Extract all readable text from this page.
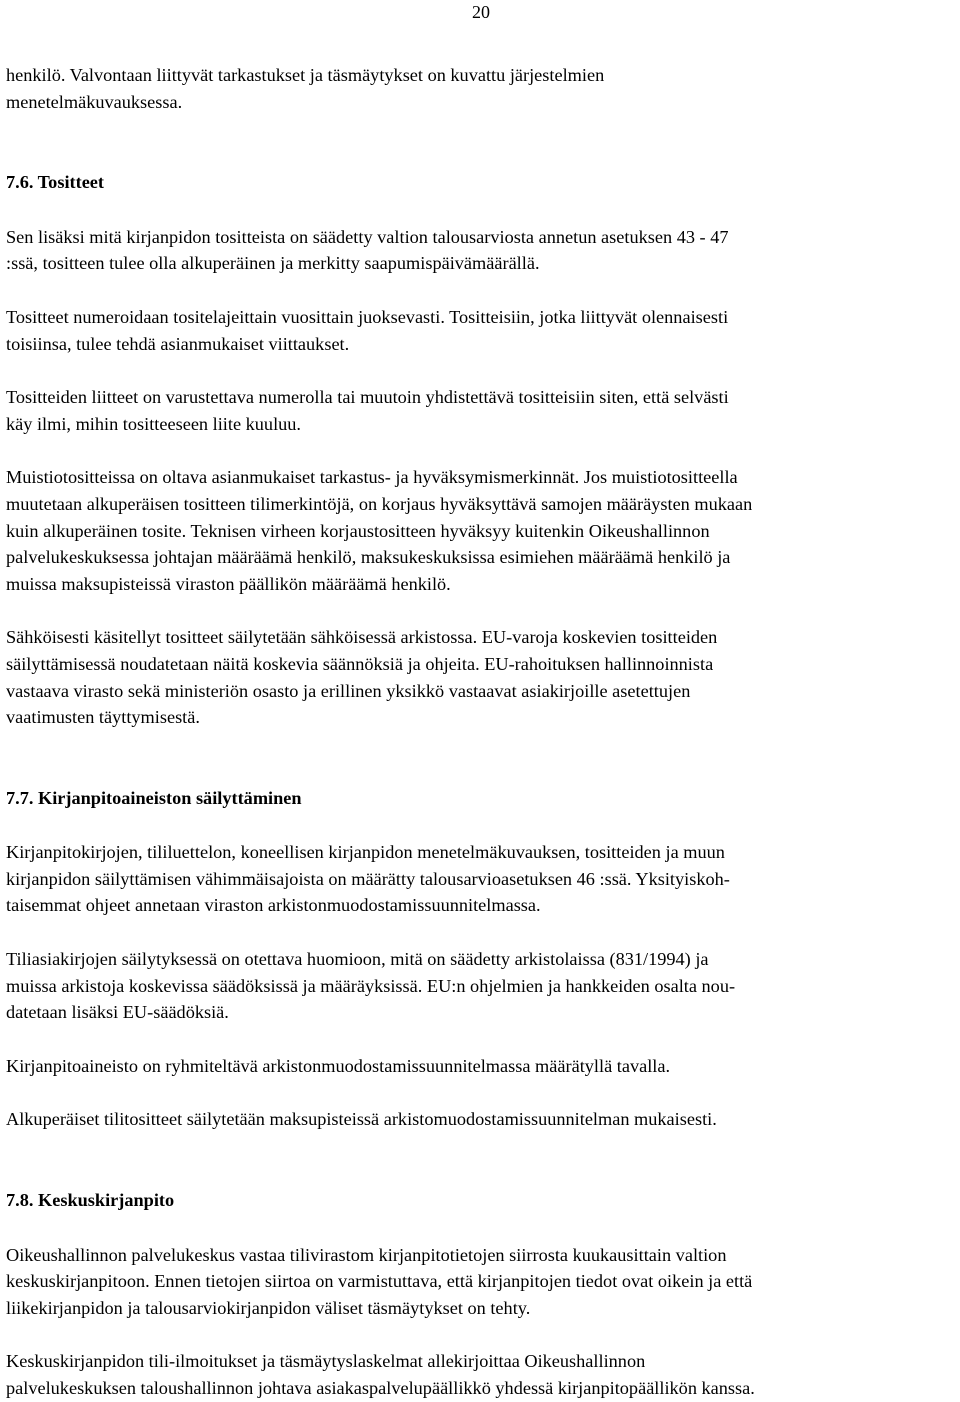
20

henkilö. Valvontaan liittyvät tarkastukset ja täsmäytykset on kuvattu järjestelmien
menetelmäkuvauksessa.

7.6. Tositteet

Sen lisäksi mitä kirjanpidon tositteista on säädetty valtion talousarviosta annetun asetuksen 43 - 47
:ssä, tositteen tulee olla alkuperäinen ja merkitty saapumispäivämäärällä.

Tositteet numeroidaan tositelajeittain vuosittain juoksevasti. Tositteisiin, jotka liittyvät olennaisesti
toisiinsa, tulee tehdä asianmukaiset viittaukset.

Tositteiden liitteet on varustettava numerolla tai muutoin yhdistettävä tositteisiin siten, että selvästi
käy ilmi, mihin tositteeseen liite kuuluu.

Muistiotositteissa on oltava asianmukaiset tarkastus- ja hyväksymismerkinnät. Jos muistiotositteella
muutetaan alkuperäisen tositteen tilimerkintöjä, on korjaus hyväksyttävä samojen määräysten mukaan
kuin alkuperäinen tosite. Teknisen virheen korjaustositteen hyväksyy kuitenkin Oikeushallinnon
palvelukeskuksessa johtajan määräämä henkilö, maksukeskuksissa esimiehen määräämä henkilö ja
muissa maksupisteissä viraston päällikön määräämä henkilö.

Sähköisesti käsitellyt tositteet säilytetään sähköisessä arkistossa. EU-varoja koskevien tositteiden
säilyttämisessä noudatetaan näitä koskevia säännöksiä ja ohjeita. EU-rahoituksen hallinnoinnista
vastaava virasto sekä ministeriön osasto ja erillinen yksikkö vastaavat asiakirjoille asetettujen
vaatimusten täyttymisestä.

7.7. Kirjanpitoaineiston säilyttäminen

Kirjanpitokirjojen, tililuettelon, koneellisen kirjanpidon menetelmäkuvauksen, tositteiden ja muun
kirjanpidon säilyttämisen vähimmäisajoista on määrätty talousarvioasetuksen 46 :ssä. Yksityiskoh-
taisemmat ohjeet annetaan viraston arkistonmuodostamissuunnitelmassa.

Tiliasiakirjojen säilytyksessä on otettava huomioon, mitä on säädetty arkistolaissa (831/1994) ja
muissa arkistoja koskevissa säädöksissä ja määräyksissä. EU:n ohjelmien ja hankkeiden osalta nou-
datetaan lisäksi EU-säädöksiä.

Kirjanpitoaineisto on ryhmiteltävä arkistonmuodostamissuunnitelmassa määrätyllä tavalla.

Alkuperäiset tilitositteet säilytetään maksupisteissä arkistomuodostamissuunnitelman mukaisesti.

7.8. Keskuskirjanpito

Oikeushallinnon palvelukeskus vastaa tilivirastom kirjanpitotietojen siirrosta kuukausittain valtion
keskuskirjanpitoon. Ennen tietojen siirtoa on varmistuttava, että kirjanpitojen tiedot ovat oikein ja että
liikekirjanpidon ja talousarviokirjanpidon väliset täsmäytykset on tehty.

Keskuskirjanpidon tili-ilmoitukset ja täsmäytyslaskelmat allekirjoittaa Oikeushallinnon
palvelukeskuksen taloushallinnon johtava asiakaspalvelupäällikkö yhdessä kirjanpitopäällikön kanssa.
